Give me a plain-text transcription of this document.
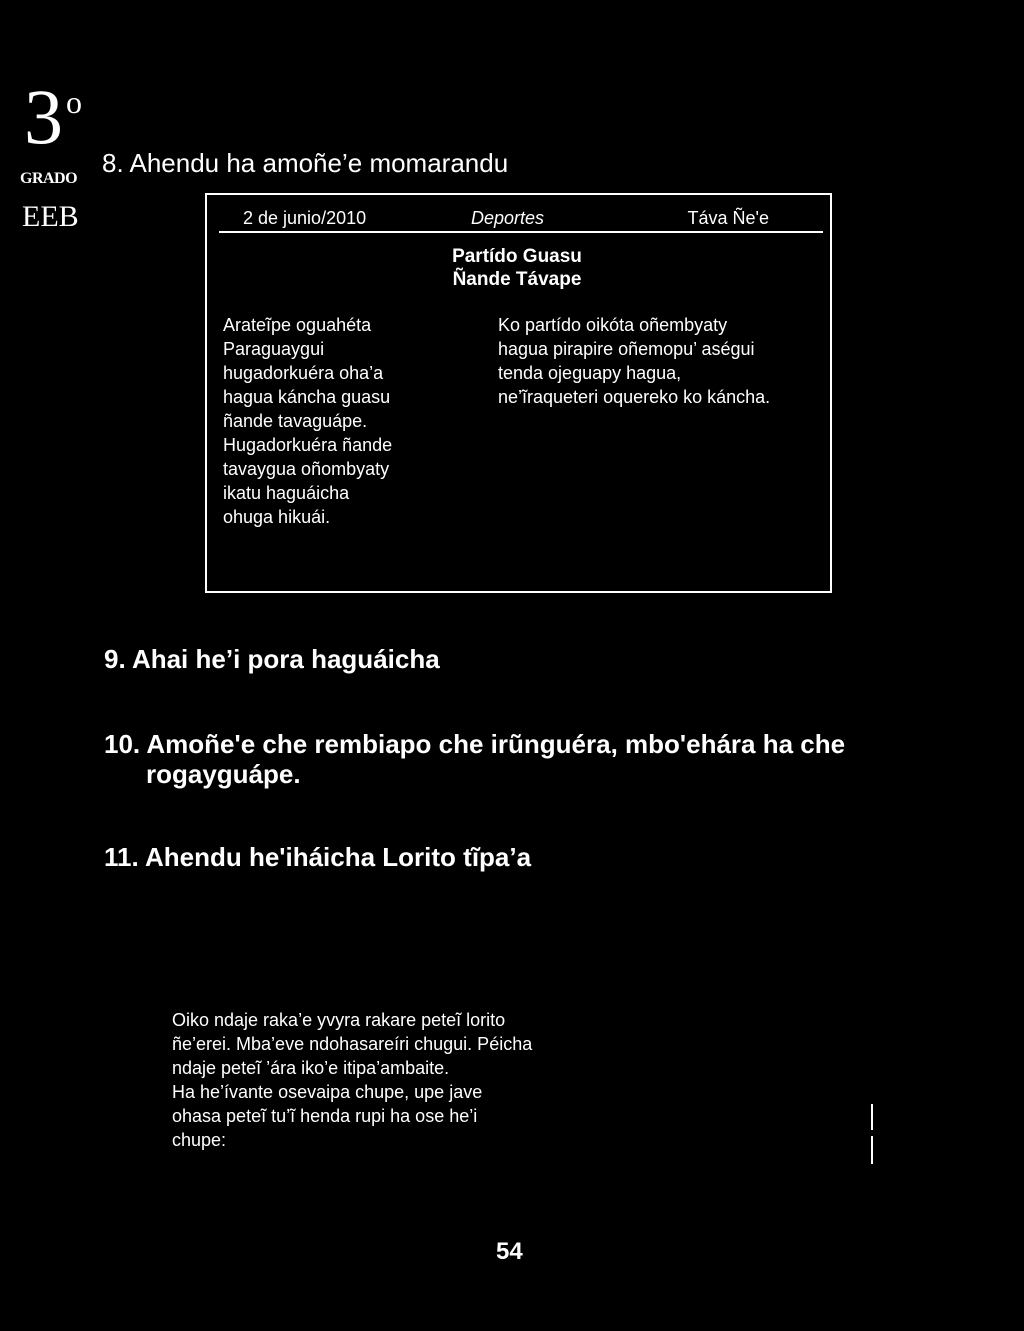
3 o
GRADO
EEB
8. Ahendu ha amoñe’e momarandu
2 de junio/2010	Deportes	Táva Ñe'e
Partído Guasu
Ñande Távape
Arateĩpe oguahéta
Paraguaygui
hugadorkuéra oha’a
hagua káncha guasu
ñande tavaguápe.
Hugadorkuéra ñande
tavaygua oñombyaty
ikatu haguáicha
ohuga hikuái.
Ko partído oikóta oñembyaty
hagua pirapire oñemopu’ aségui
tenda ojeguapy hagua,
ne’ĩraqueteri oquereko ko káncha.
9. Ahai he’i pora haguáicha
10. Amoñe'e che rembiapo che irũnguéra, mbo'ehára ha che
rogayguápe.
11. Ahendu he'iháicha Lorito tĩpa’a
Oiko ndaje raka’e yvyra rakare peteĩ lorito
ñe’erei. Mba’eve ndohasareíri chugui. Péicha
ndaje peteĩ ’ára iko’e itipa’ambaite.
Ha he’ívante osevaipa chupe, upe jave
ohasa peteĩ tu’ĩ henda rupi ha ose he’i
chupe:
54
